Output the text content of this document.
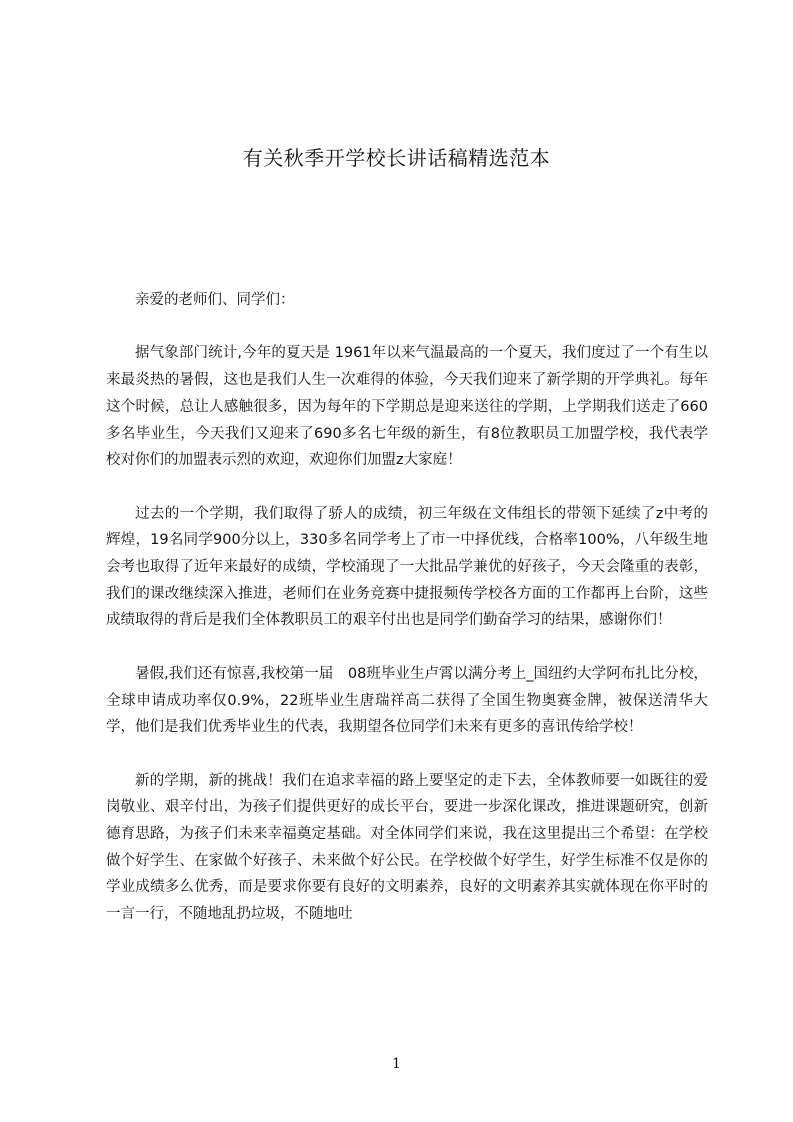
有关秋季开学校长讲话稿精选范本

亲爱的老师们、同学们：

据气象部门统计,今年的夏天是 1961年以来气温最高的一个夏天，我们度过了一个有生以来最炎热的暑假，这也是我们人生一次难得的体验，今天我们迎来了新学期的开学典礼。每年这个时候，总让人感触很多，因为每年的下学期总是迎来送往的学期，上学期我们送走了660多名毕业生，今天我们又迎来了690多名七年级的新生，有8位教职员工加盟学校，我代表学校对你们的加盟表示烈的欢迎，欢迎你们加盟z大家庭！

过去的一个学期，我们取得了骄人的成绩，初三年级在文伟组长的带领下延续了z中考的辉煌，19名同学900分以上，330多名同学考上了市一中择优线，合格率100%，八年级生地会考也取得了近年来最好的成绩，学校涌现了一大批品学兼优的好孩子，今天会隆重的表彰，我们的课改继续深入推进，老师们在业务竞赛中捷报频传学校各方面的工作都再上台阶，这些成绩取得的背后是我们全体教职员工的艰辛付出也是同学们勤奋学习的结果，感谢你们！

暑假,我们还有惊喜,我校第一届　08班毕业生卢霄以满分考上_国纽约大学阿布扎比分校，全球申请成功率仅0.9%，22班毕业生唐瑞祥高二获得了全国生物奥赛金牌，被保送清华大学，他们是我们优秀毕业生的代表，我期望各位同学们未来有更多的喜讯传给学校！

新的学期，新的挑战！我们在追求幸福的路上要坚定的走下去，全体教师要一如既往的爱岗敬业、艰辛付出，为孩子们提供更好的成长平台，要进一步深化课改，推进课题研究，创新德育思路，为孩子们未来幸福奠定基础。对全体同学们来说，我在这里提出三个希望：在学校做个好学生、在家做个好孩子、未来做个好公民。在学校做个好学生，好学生标准不仅是你的学业成绩多么优秀，而是要求你要有良好的文明素养，良好的文明素养其实就体现在你平时的一言一行，不随地乱扔垃圾，不随地吐

1
